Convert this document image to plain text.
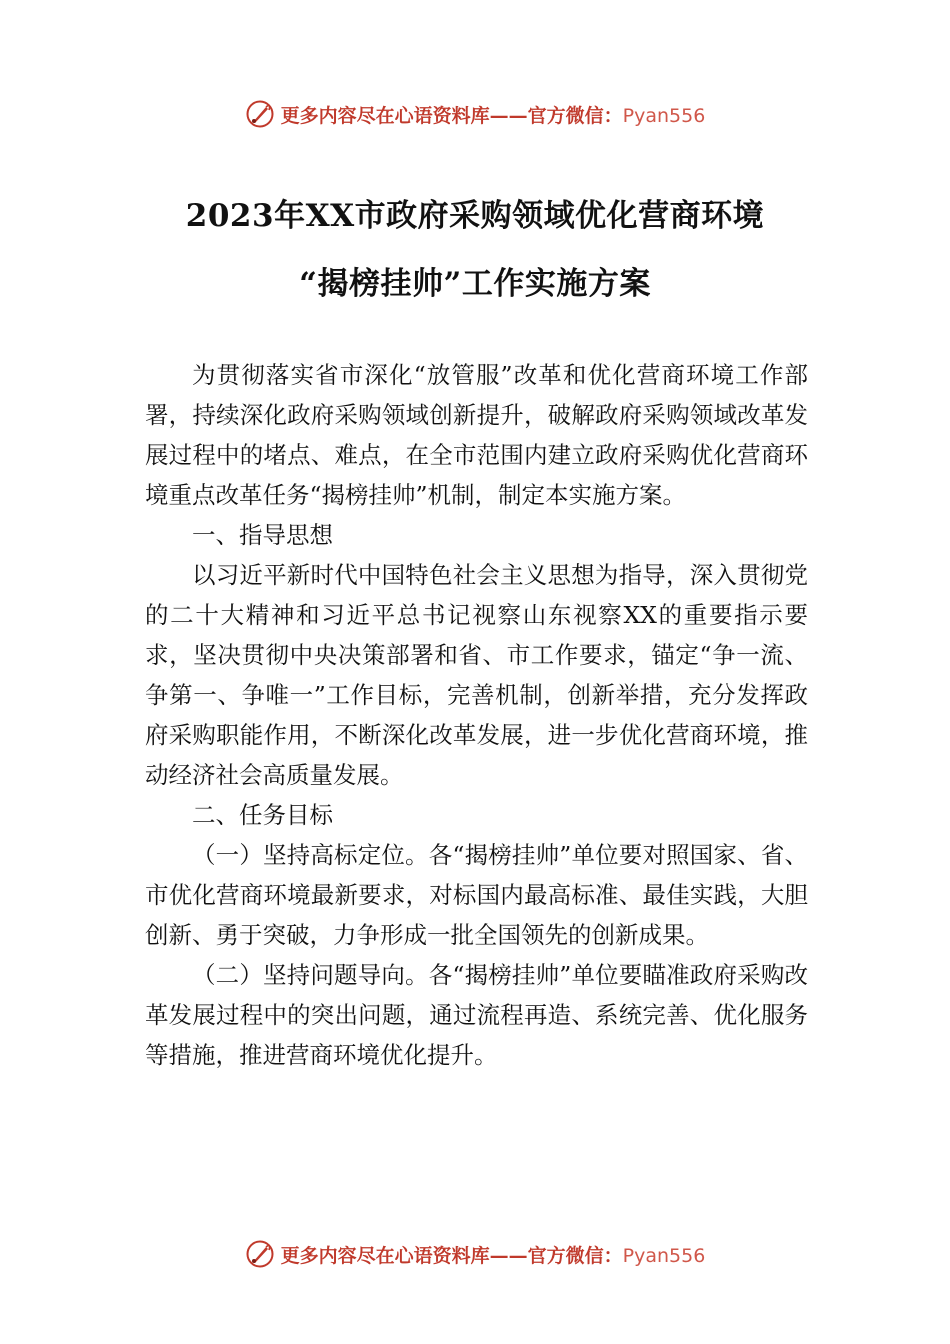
更多内容尽在心语资料库——官方微信：Pyan556
2023年XX市政府采购领域优化营商环境
“揭榜挂帅”工作实施方案

为贯彻落实省市深化“放管服”改革和优化营商环境工作部署，持续深化政府采购领域创新提升，破解政府采购领域改革发展过程中的堵点、难点，在全市范围内建立政府采购优化营商环境重点改革任务“揭榜挂帅”机制，制定本实施方案。

一、指导思想

以习近平新时代中国特色社会主义思想为指导，深入贯彻党的二十大精神和习近平总书记视察山东视察XX的重要指示要求，坚决贯彻中央决策部署和省、市工作要求，锚定“争一流、争第一、争唯一”工作目标，完善机制，创新举措，充分发挥政府采购职能作用，不断深化改革发展，进一步优化营商环境，推动经济社会高质量发展。

二、任务目标

（一）坚持高标定位。各“揭榜挂帅”单位要对照国家、省、市优化营商环境最新要求，对标国内最高标准、最佳实践，大胆创新、勇于突破，力争形成一批全国领先的创新成果。

（二）坚持问题导向。各“揭榜挂帅”单位要瞄准政府采购改革发展过程中的突出问题，通过流程再造、系统完善、优化服务等措施，推进营商环境优化提升。

更多内容尽在心语资料库——官方微信：Pyan556
